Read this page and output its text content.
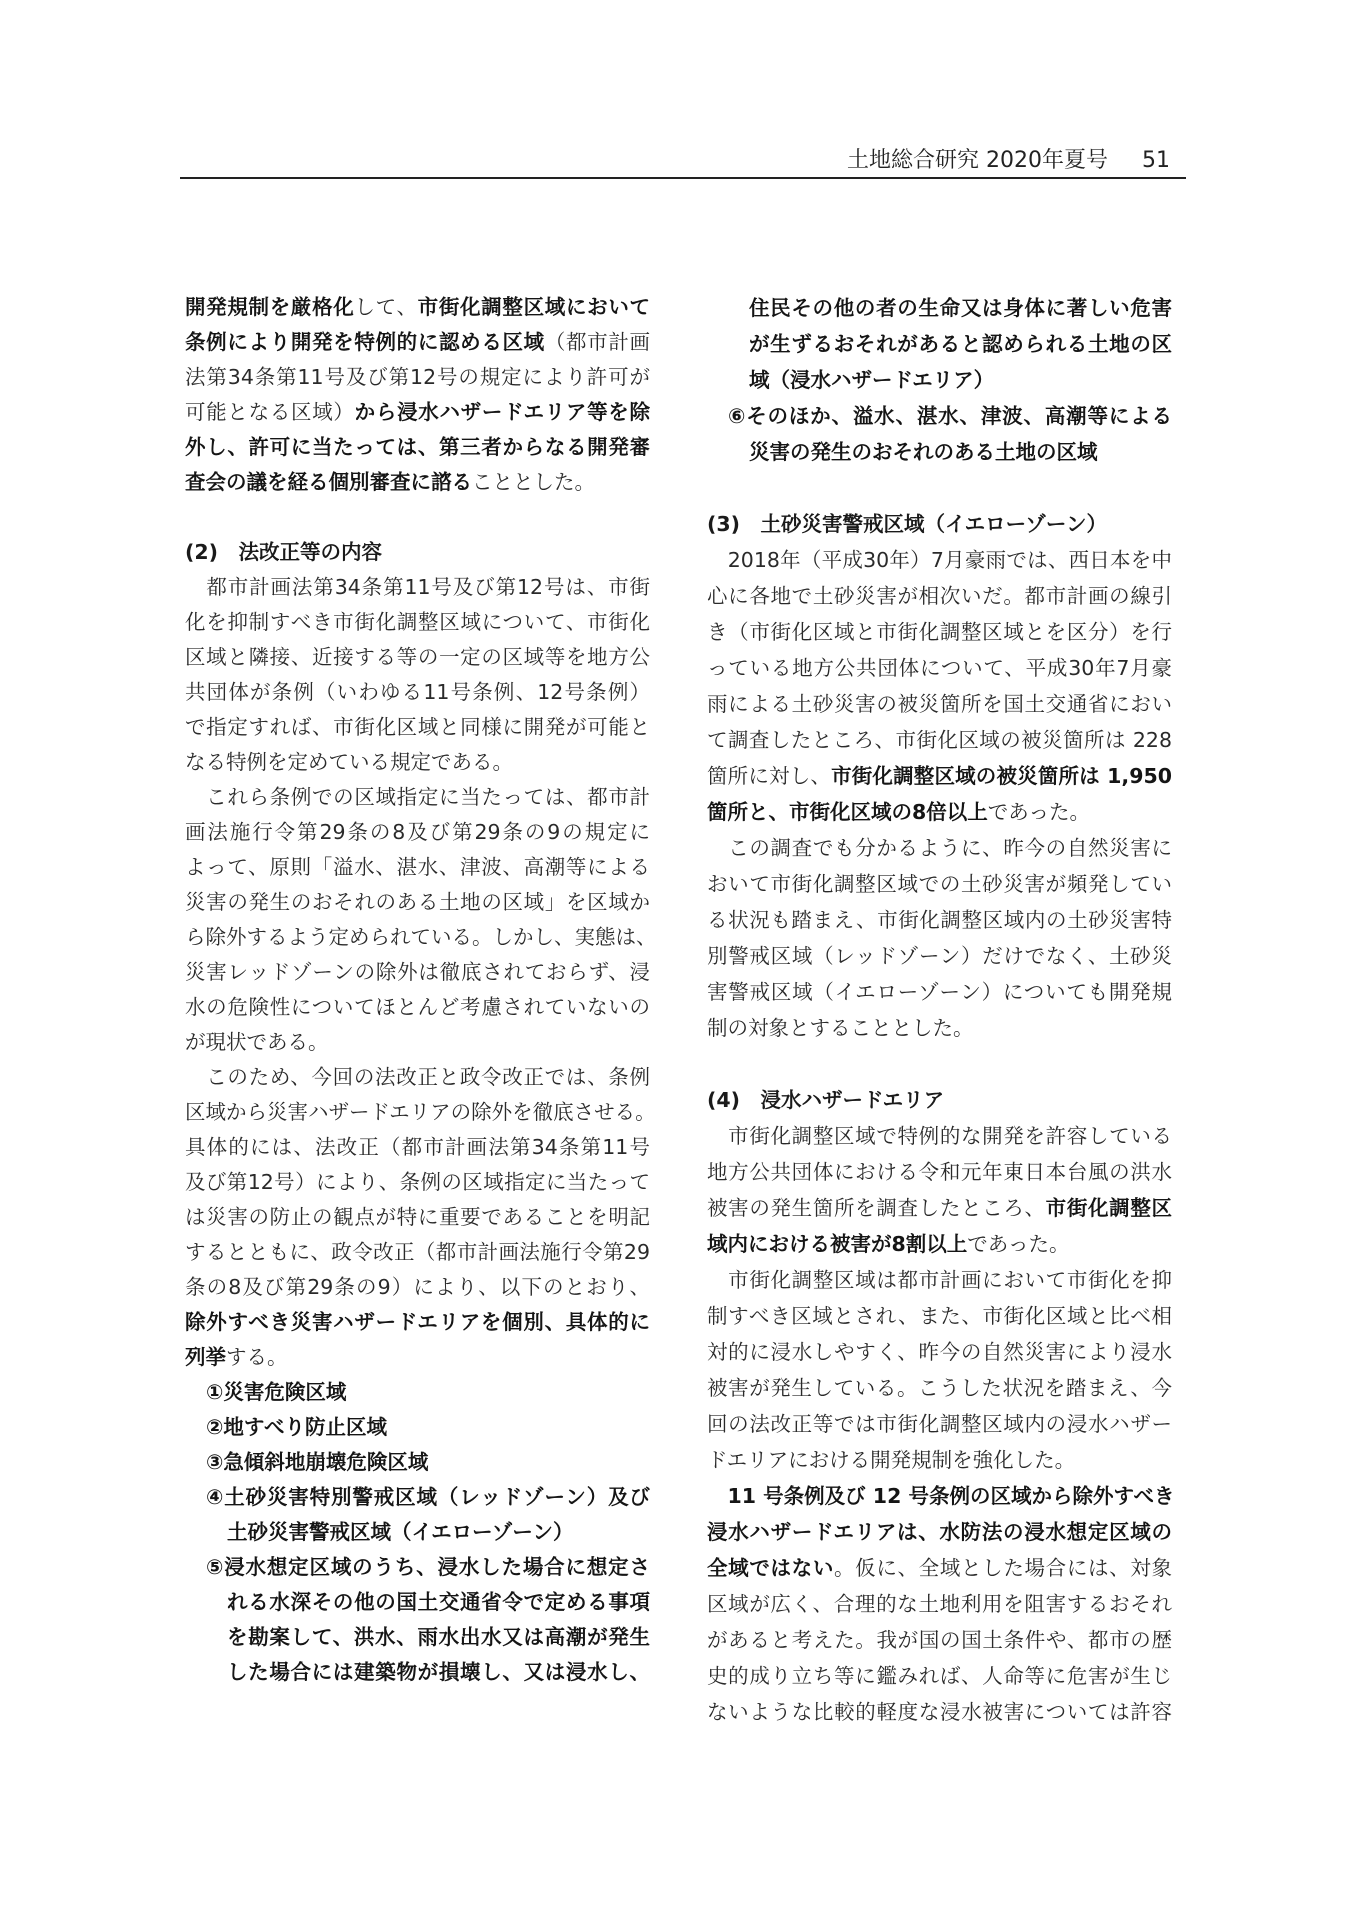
土地総合研究 2020年夏号 51
開発規制を厳格化して、市街化調整区域において
条例により開発を特例的に認める区域（都市計画
法第34条第11号及び第12号の規定により許可が
可能となる区域）から浸水ハザードエリア等を除
外し、許可に当たっては、第三者からなる開発審
査会の議を経る個別審査に諮ることとした。
(2)　法改正等の内容
　都市計画法第34条第11号及び第12号は、市街
化を抑制すべき市街化調整区域について、市街化
区域と隣接、近接する等の一定の区域等を地方公
共団体が条例（いわゆる11号条例、12号条例）
で指定すれば、市街化区域と同様に開発が可能と
なる特例を定めている規定である。
　これら条例での区域指定に当たっては、都市計
画法施行令第29条の8及び第29条の9の規定に
よって、原則「溢水、湛水、津波、高潮等による
災害の発生のおそれのある土地の区域」を区域か
ら除外するよう定められている。しかし、実態は、
災害レッドゾーンの除外は徹底されておらず、浸
水の危険性についてほとんど考慮されていないの
が現状である。
　このため、今回の法改正と政令改正では、条例
区域から災害ハザードエリアの除外を徹底させる。
具体的には、法改正（都市計画法第34条第11号
及び第12号）により、条例の区域指定に当たって
は災害の防止の観点が特に重要であることを明記
するとともに、政令改正（都市計画法施行令第29
条の8及び第29条の9）により、以下のとおり、
除外すべき災害ハザードエリアを個別、具体的に
列挙する。
①災害危険区域
②地すべり防止区域
③急傾斜地崩壊危険区域
④土砂災害特別警戒区域（レッドゾーン）及び
土砂災害警戒区域（イエローゾーン）
⑤浸水想定区域のうち、浸水した場合に想定さ
れる水深その他の国土交通省令で定める事項
を勘案して、洪水、雨水出水又は高潮が発生
した場合には建築物が損壊し、又は浸水し、
住民その他の者の生命又は身体に著しい危害
が生ずるおそれがあると認められる土地の区
域（浸水ハザードエリア）
⑥そのほか、溢水、湛水、津波、高潮等による
災害の発生のおそれのある土地の区域
(3)　土砂災害警戒区域（イエローゾーン）
　2018年（平成30年）7月豪雨では、西日本を中
心に各地で土砂災害が相次いだ。都市計画の線引
き（市街化区域と市街化調整区域とを区分）を行
っている地方公共団体について、平成30年7月豪
雨による土砂災害の被災箇所を国土交通省におい
て調査したところ、市街化区域の被災箇所は 228
箇所に対し、市街化調整区域の被災箇所は 1,950
箇所と、市街化区域の8倍以上であった。
　この調査でも分かるように、昨今の自然災害に
おいて市街化調整区域での土砂災害が頻発してい
る状況も踏まえ、市街化調整区域内の土砂災害特
別警戒区域（レッドゾーン）だけでなく、土砂災
害警戒区域（イエローゾーン）についても開発規
制の対象とすることとした。
(4)　浸水ハザードエリア
　市街化調整区域で特例的な開発を許容している
地方公共団体における令和元年東日本台風の洪水
被害の発生箇所を調査したところ、市街化調整区
域内における被害が8割以上であった。
　市街化調整区域は都市計画において市街化を抑
制すべき区域とされ、また、市街化区域と比べ相
対的に浸水しやすく、昨今の自然災害により浸水
被害が発生している。こうした状況を踏まえ、今
回の法改正等では市街化調整区域内の浸水ハザー
ドエリアにおける開発規制を強化した。
　11 号条例及び 12 号条例の区域から除外すべき
浸水ハザードエリアは、水防法の浸水想定区域の
全域ではない。仮に、全域とした場合には、対象
区域が広く、合理的な土地利用を阻害するおそれ
があると考えた。我が国の国土条件や、都市の歴
史的成り立ち等に鑑みれば、人命等に危害が生じ
ないような比較的軽度な浸水被害については許容
